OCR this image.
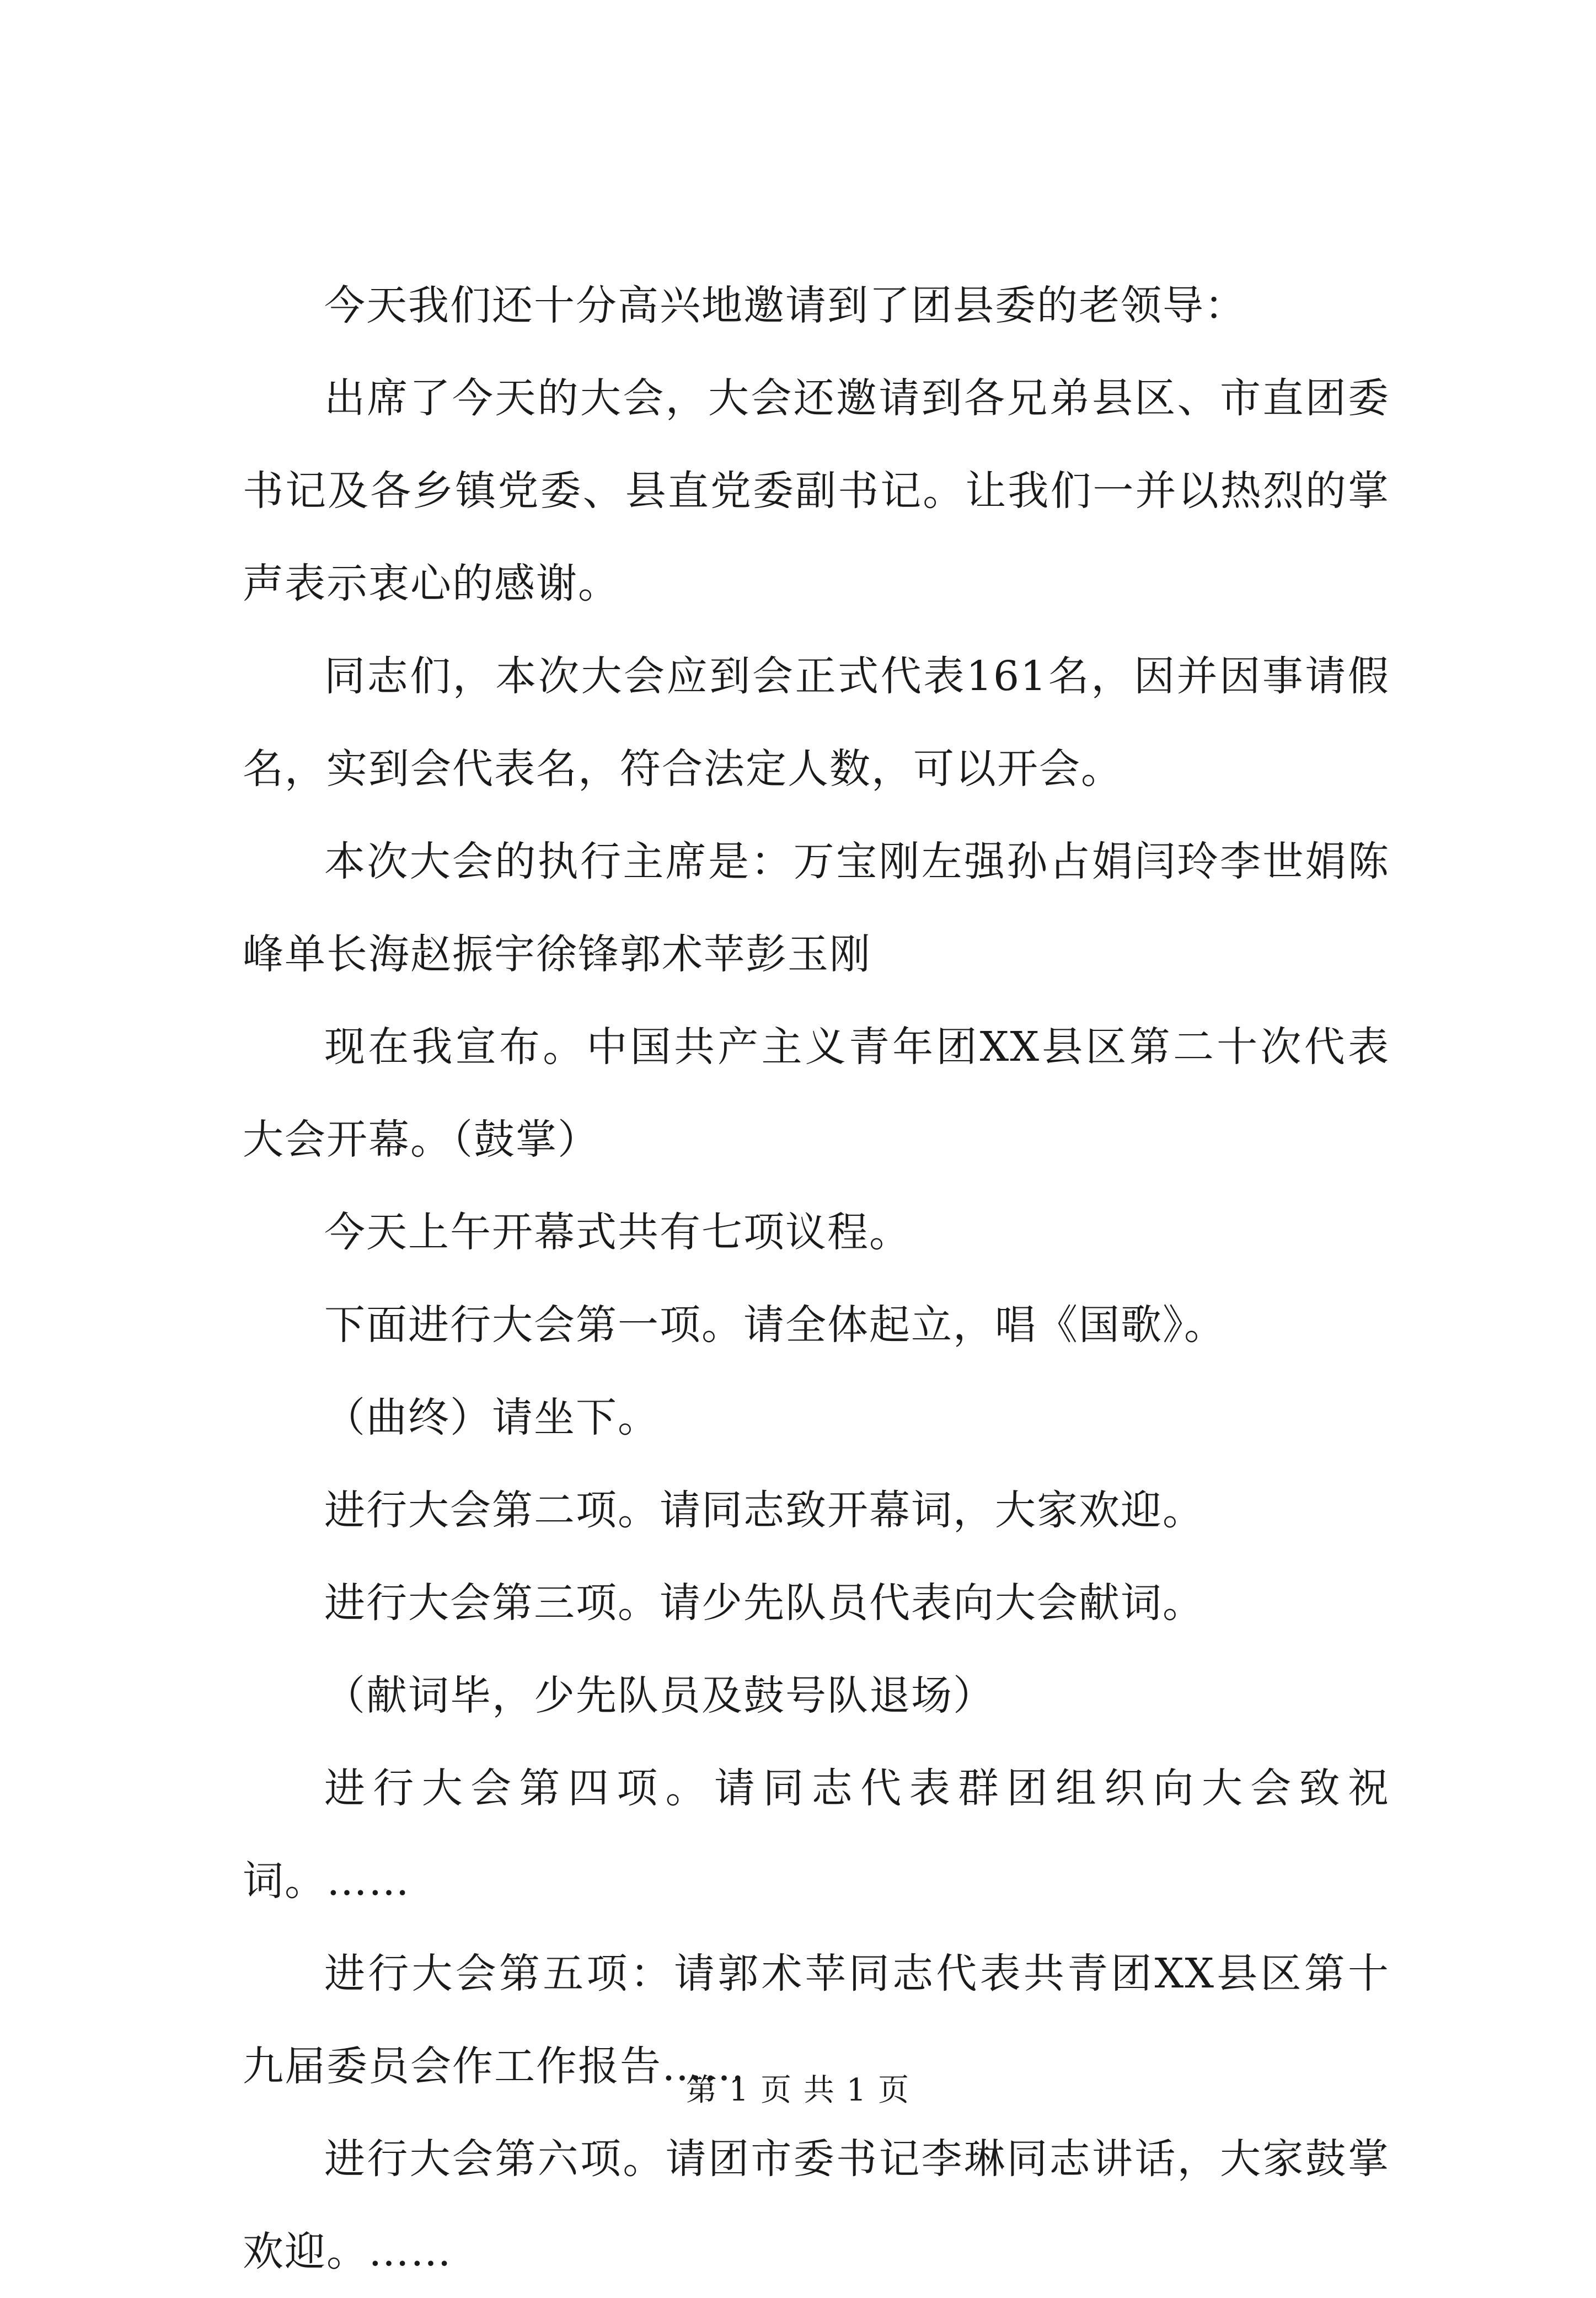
今天我们还十分高兴地邀请到了团县委的老领导：

出席了今天的大会，大会还邀请到各兄弟县区、市直团委书记及各乡镇党委、县直党委副书记。让我们一并以热烈的掌声表示衷心的感谢。

同志们，本次大会应到会正式代表161名，因并因事请假名，实到会代表名，符合法定人数，可以开会。

本次大会的执行主席是：万宝刚左强孙占娟闫玲李世娟陈峰单长海赵振宇徐锋郭术苹彭玉刚

现在我宣布。中国共产主义青年团XX县区第二十次代表大会开幕。（鼓掌）

今天上午开幕式共有七项议程。

下面进行大会第一项。请全体起立，唱《国歌》。

（曲终）请坐下。

进行大会第二项。请同志致开幕词，大家欢迎。

进行大会第三项。请少先队员代表向大会献词。

（献词毕，少先队员及鼓号队退场）

进行大会第四项。请同志代表群团组织向大会致祝词。……

进行大会第五项：请郭术苹同志代表共青团XX县区第十九届委员会作工作报告……

进行大会第六项。请团市委书记李琳同志讲话，大家鼓掌欢迎。……

第 1 页 共 1 页
